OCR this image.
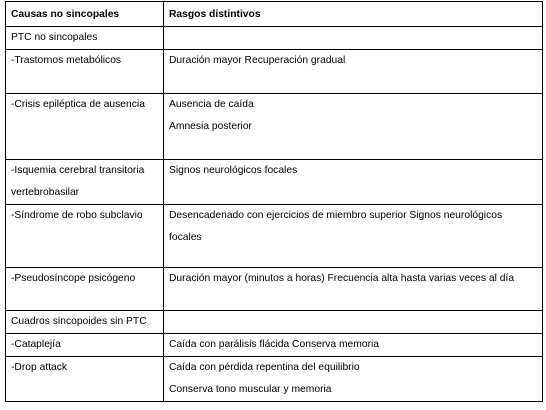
Causas no sincopales	Rasgos distintivos
PTC no sincopales	
-Trastornos metabólicos	Duración mayor Recuperación gradual

-Crisis epiléptica de ausencia	Ausencia de caída
Amnesia posterior

-Isquemia cerebral transitoria
vertebrobasilar	Signos neurológicos focales

-Síndrome de robo subclavio	Desencadenado con ejercicios de miembro superior Signos neurológicos
focales

-Pseudosíncope psicógeno	Duración mayor (minutos a horas) Frecuencia alta hasta varias veces al día

Cuadros sincopoides sin PTC	
-Cataplejía	Caída con parálisis flácida Conserva memoria

-Drop attack	Caída con pérdida repentina del equilibrio
Conserva tono muscular y memoria
